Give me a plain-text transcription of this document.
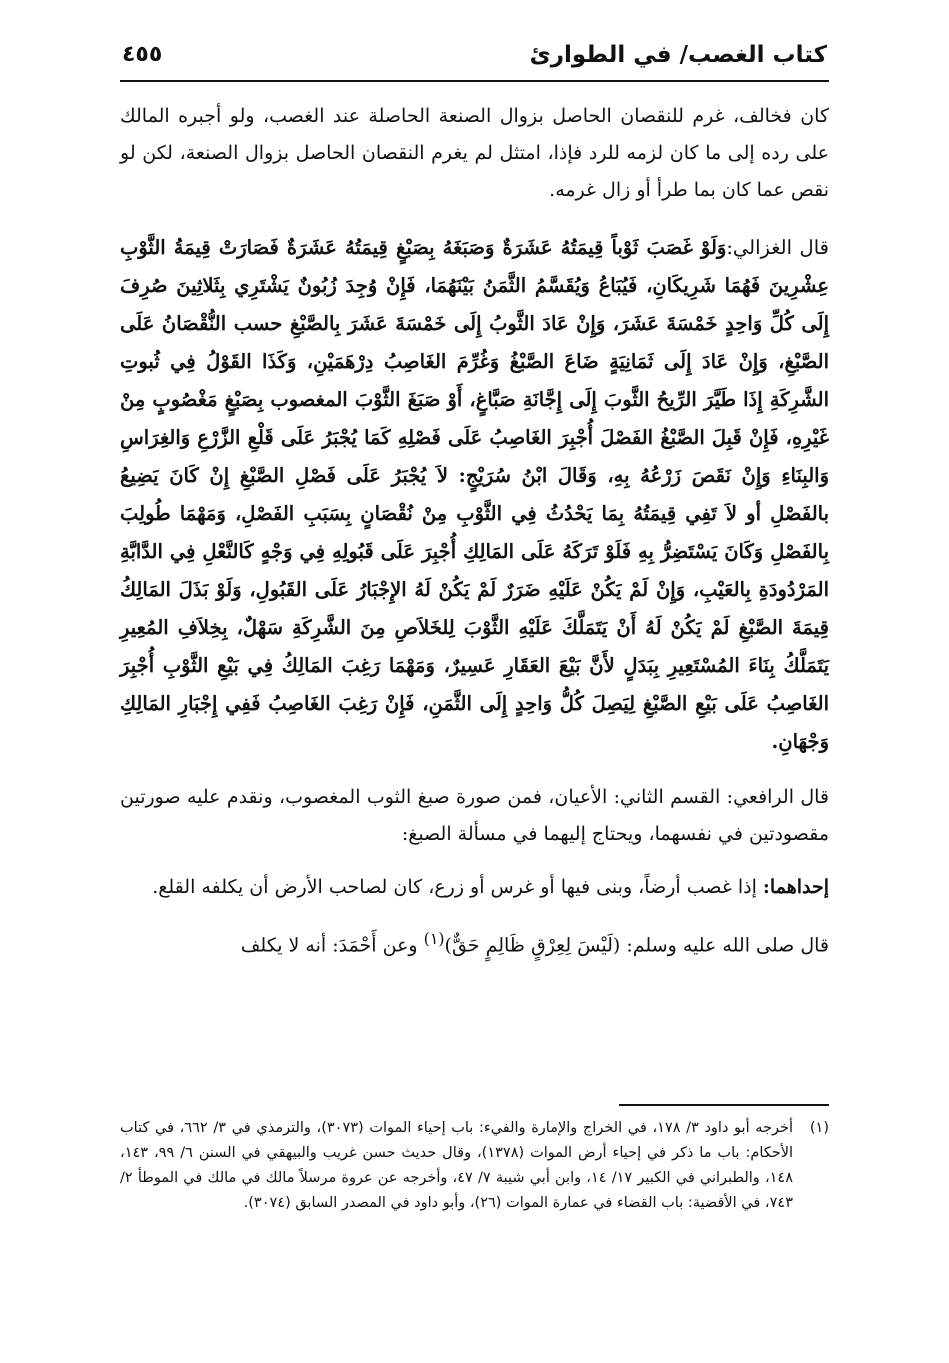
كتاب الغصب/ في الطوارئ
٤٥٥

كان فخالف، غرم للنقصان الحاصل بزوال الصنعة الحاصلة عند الغصب، ولو أجبره المالك على رده إلى ما كان لزمه للرد فإذا، امتثل لم يغرم النقصان الحاصل بزوال الصنعة، لكن لو نقص عما كان بما طرأ أو زال غرمه.

قال الغزالي:وَلَوْ غَصَبَ ثَوْباً قِيمَتُهُ عَشَرَةٌ وَصَبَغَهُ بِصَبْغٍ قِيمَتُهُ عَشَرَةٌ فَصَارَتْ قِيمَةُ الثَّوْبِ عِشْرِينَ فَهُمَا شَرِيكَانِ، فَيُبَاعُ وَيُقَسَّمُ الثَّمَنُ بَيْنَهُمَا، فَإِنْ وُجِدَ زُبُونٌ يَشْتَرِي بِثَلاثِينَ صُرِفَ إِلَى كُلِّ وَاحِدٍ خَمْسَةَ عَشَرَ، وَإِنْ عَادَ الثَّوبُ إِلَى خَمْسَةَ عَشَرَ بِالصَّبْغِ حسب النُّقْصَانُ عَلَى الصَّبْغِ، وَإِنْ عَادَ إِلَى ثَمَانِيَةٍ ضَاعَ الصَّبْغُ وَغُرِّمَ الغَاصِبُ دِرْهَمَيْنِ، وَكَذَا القَوْلُ فِي ثُبوتِ الشَّرِكَةِ إِذَا طَيَّرَ الرِّيحُ الثَّوبَ إِلَى إِجَّانَةِ صَبَّاغٍ، أَوْ صَبَغَ الثَّوْبَ المغصوب بِصَبْغٍ مَغْصُوبٍ مِنْ غَيْرِهِ، فَإِنْ قَبِلَ الصَّبْغُ الفَصْلَ أُجْبِرَ الغَاصِبُ عَلَى فَصْلِهِ كَمَا يُجْبَرُ عَلَى قَلْعِ الزَّرْعِ وَالغِرَاسِ وَالبِنَاءِ وَإِنْ نَقَصَ زَرْعُهُ بِهِ، وَقَالَ ابْنُ سُرَيْجٍ: لاَ يُجْبَرُ عَلَى فَصْلِ الصَّبْغِ إِنْ كَانَ يَضِيعُ بالفَصْلِ أو لاَ تَفِي قِيمَتُهُ بِمَا يَحْدُثُ فِي الثَّوْبِ مِنْ نُقْصَانٍ بِسَبَبِ الفَصْلِ، وَمَهْمَا طُولِبَ بِالفَصْلِ وَكَانَ يَسْتَضِرُّ بِهِ فَلَوْ تَرَكَهُ عَلَى المَالِكِ أُجْبِرَ عَلَى قَبُولِهِ فِي وَجْهٍ كَالنَّعْلِ فِي الدَّابَّةِ المَرْدُودَةِ بِالعَيْبِ، وَإِنْ لَمْ يَكُنْ عَلَيْهِ ضَرَرٌ لَمْ يَكُنْ لَهُ الإِجْبَارُ عَلَى القَبُولِ، وَلَوْ بَذَلَ المَالِكُ قِيمَةَ الصَّبْغِ لَمْ يَكُنْ لَهُ أَنْ يَتَمَلَّكَ عَلَيْهِ الثَّوْبَ لِلخَلاَصِ مِنَ الشَّرِكَةِ سَهْلٌ، بِخِلاَفِ المُعِيرِ يَتَمَلَّكُ بِنَاءَ المُسْتَعِيرِ بِبَدَلٍ لأَنَّ بَيْعَ العَقَارِ عَسِيرٌ، وَمَهْمَا رَغِبَ المَالِكُ فِي بَيْعِ الثَّوْبِ أُجْبِرَ الغَاصِبُ عَلَى بَيْعِ الصَّبْغِ لِيَصِلَ كُلُّ وَاحِدٍ إِلَى الثَّمَنِ، فَإِنْ رَغِبَ الغَاصِبُ فَفِي إِجْبَارِ المَالِكِ وَجْهَانِ.

قال الرافعي: القسم الثاني: الأعيان، فمن صورة صبغ الثوب المغصوب، ونقدم عليه صورتين مقصودتين في نفسهما، ويحتاج إليهما في مسألة الصبغ:

إحداهما: إذا غصب أرضاً، وبنى فيها أو غرس أو زرع، كان لصاحب الأرض أن يكلفه القلع.

قال صلى الله عليه وسلم: (لَيْسَ لِعِرْقٍ ظَالِمٍ حَقٌّ)$^{(١)}$ وعن أَحْمَدَ: أنه لا يكلف

(١)
أخرجه أبو داود ٣/ ١٧٨، في الخراج والإمارة والفيء: باب إحياء الموات (٣٠٧٣)، والترمذي في ٣/ ٦٦٢، في كتاب الأحكام: باب ما ذكر في إحياء أرض الموات (١٣٧٨)، وقال حديث حسن غريب والبيهقي في السنن ٦/ ٩٩، ١٤٣، ١٤٨، والطبراني في الكبير ١٧/ ١٤، وابن أبي شيبة ٧/ ٤٧، وأخرجه عن عروة مرسلاً مالك في مالك في الموطأ ٢/ ٧٤٣، في الأقضية: باب القضاء في عمارة الموات (٢٦)، وأبو داود في المصدر السابق (٣٠٧٤).
